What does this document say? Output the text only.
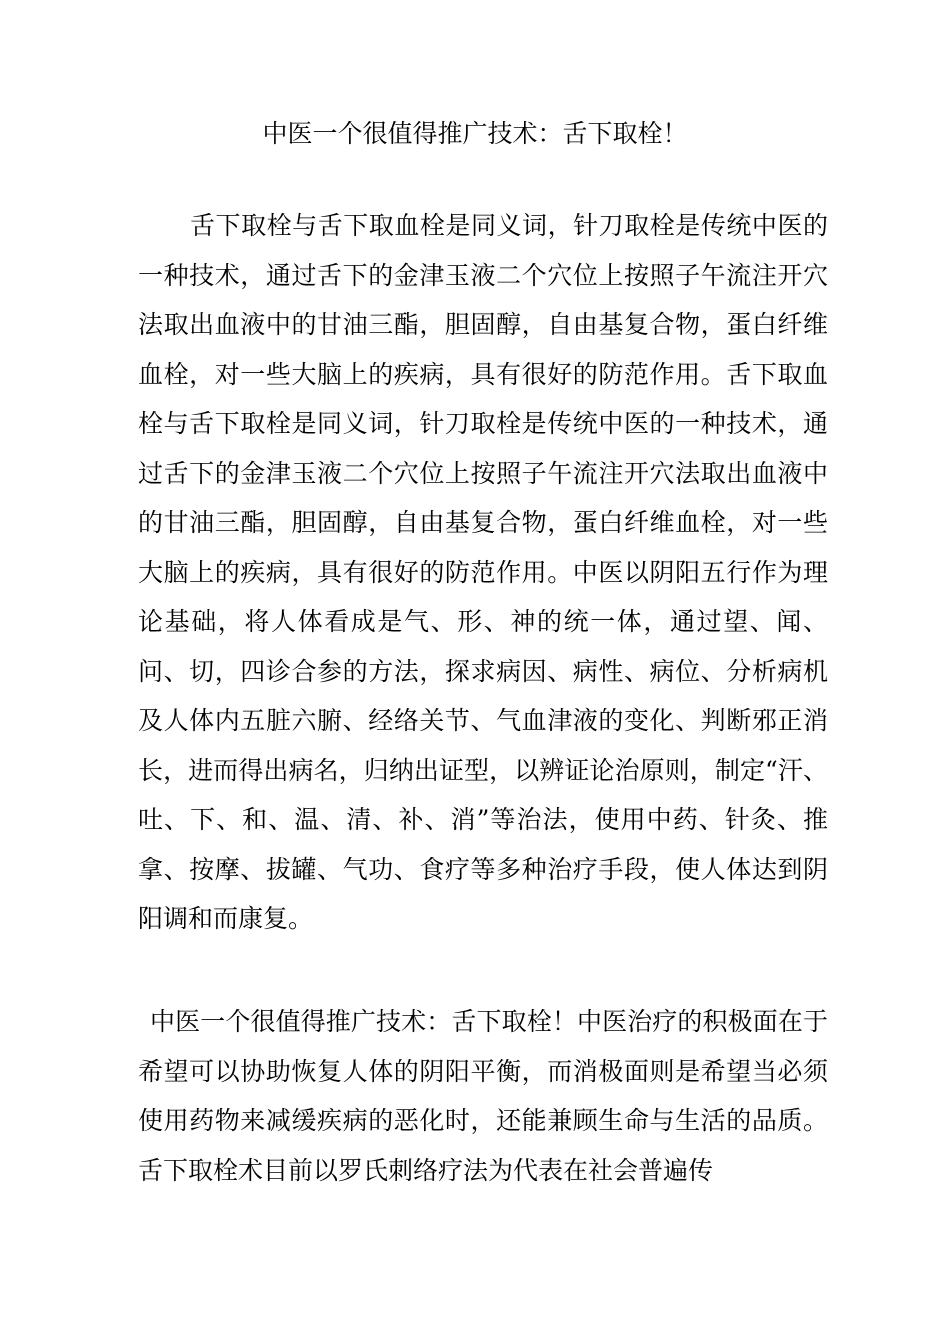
中医一个很值得推广技术：舌下取栓！

舌下取栓与舌下取血栓是同义词，针刀取栓是传统中医的一种技术，通过舌下的金津玉液二个穴位上按照子午流注开穴法取出血液中的甘油三酯，胆固醇，自由基复合物，蛋白纤维血栓，对一些大脑上的疾病，具有很好的防范作用。舌下取血栓与舌下取栓是同义词，针刀取栓是传统中医的一种技术，通过舌下的金津玉液二个穴位上按照子午流注开穴法取出血液中的甘油三酯，胆固醇，自由基复合物，蛋白纤维血栓，对一些大脑上的疾病，具有很好的防范作用。中医以阴阳五行作为理论基础，将人体看成是气、形、神的统一体，通过望、闻、问、切，四诊合参的方法，探求病因、病性、病位、分析病机及人体内五脏六腑、经络关节、气血津液的变化、判断邪正消长，进而得出病名，归纳出证型，以辨证论治原则，制定“汗、吐、下、和、温、清、补、消”等治法，使用中药、针灸、推拿、按摩、拔罐、气功、食疗等多种治疗手段，使人体达到阴阳调和而康复。

中医一个很值得推广技术：舌下取栓！中医治疗的积极面在于希望可以协助恢复人体的阴阳平衡，而消极面则是希望当必须使用药物来减缓疾病的恶化时，还能兼顾生命与生活的品质。舌下取栓术目前以罗氏刺络疗法为代表在社会普遍传
